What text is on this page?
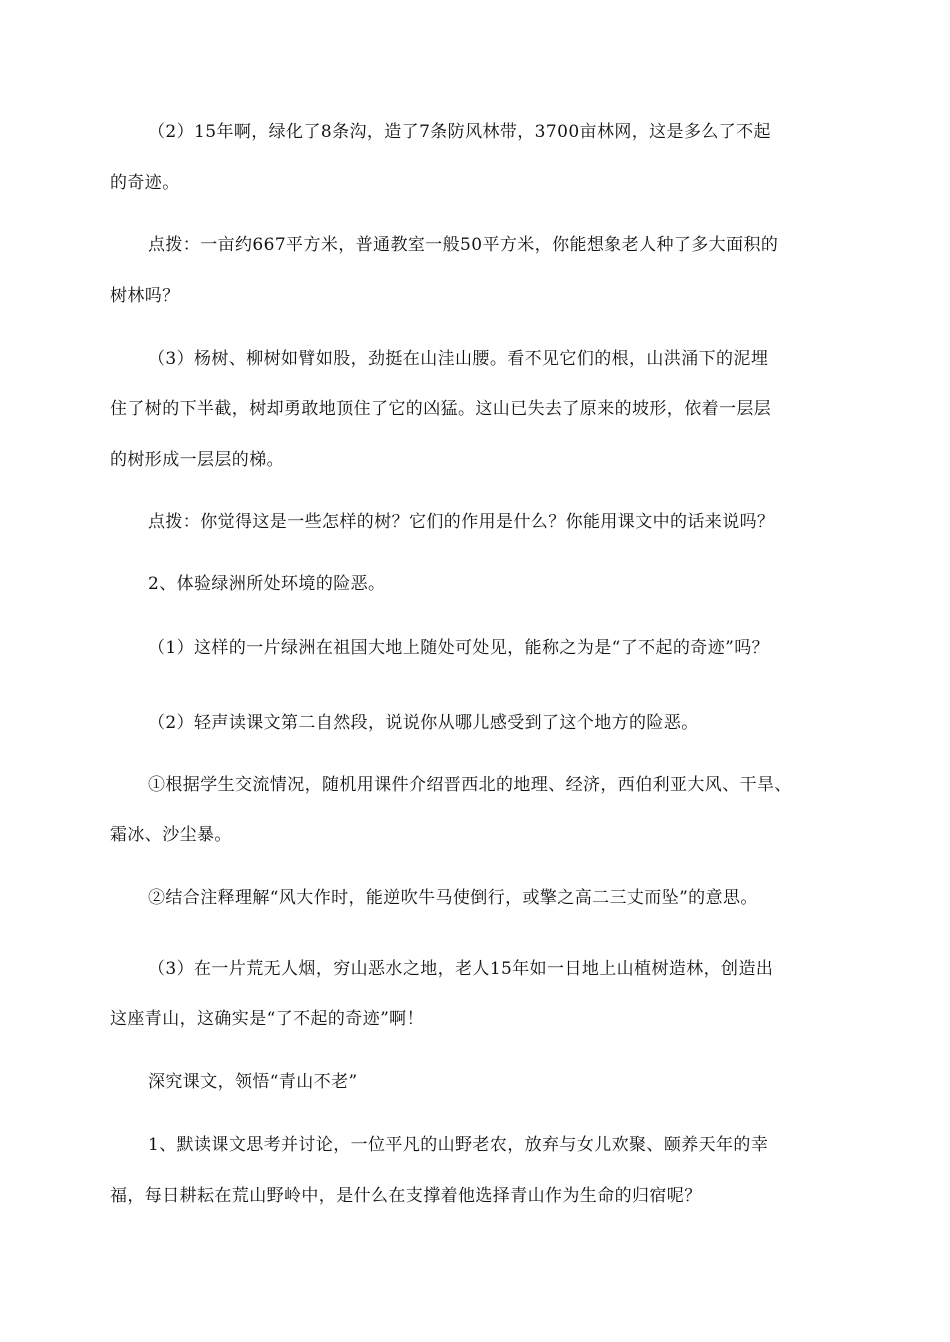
（2）15年啊，绿化了8条沟，造了7条防风林带，3700亩林网，这是多么了不起

的奇迹。

点拨：一亩约667平方米，普通教室一般50平方米，你能想象老人种了多大面积的

树林吗？

（3）杨树、柳树如臂如股，劲挺在山洼山腰。看不见它们的根，山洪涌下的泥埋

住了树的下半截，树却勇敢地顶住了它的凶猛。这山已失去了原来的坡形，依着一层层

的树形成一层层的梯。

点拨：你觉得这是一些怎样的树？它们的作用是什么？你能用课文中的话来说吗？

2、体验绿洲所处环境的险恶。

（1）这样的一片绿洲在祖国大地上随处可处见，能称之为是“了不起的奇迹”吗？

（2）轻声读课文第二自然段，说说你从哪儿感受到了这个地方的险恶。

①根据学生交流情况，随机用课件介绍晋西北的地理、经济，西伯利亚大风、干旱、

霜冰、沙尘暴。

②结合注释理解“风大作时，能逆吹牛马使倒行，或擎之高二三丈而坠”的意思。

（3）在一片荒无人烟，穷山恶水之地，老人15年如一日地上山植树造林，创造出

这座青山，这确实是“了不起的奇迹”啊！

深究课文，领悟“青山不老”

1、默读课文思考并讨论，一位平凡的山野老农，放弃与女儿欢聚、颐养天年的幸

福，每日耕耘在荒山野岭中，是什么在支撑着他选择青山作为生命的归宿呢？
